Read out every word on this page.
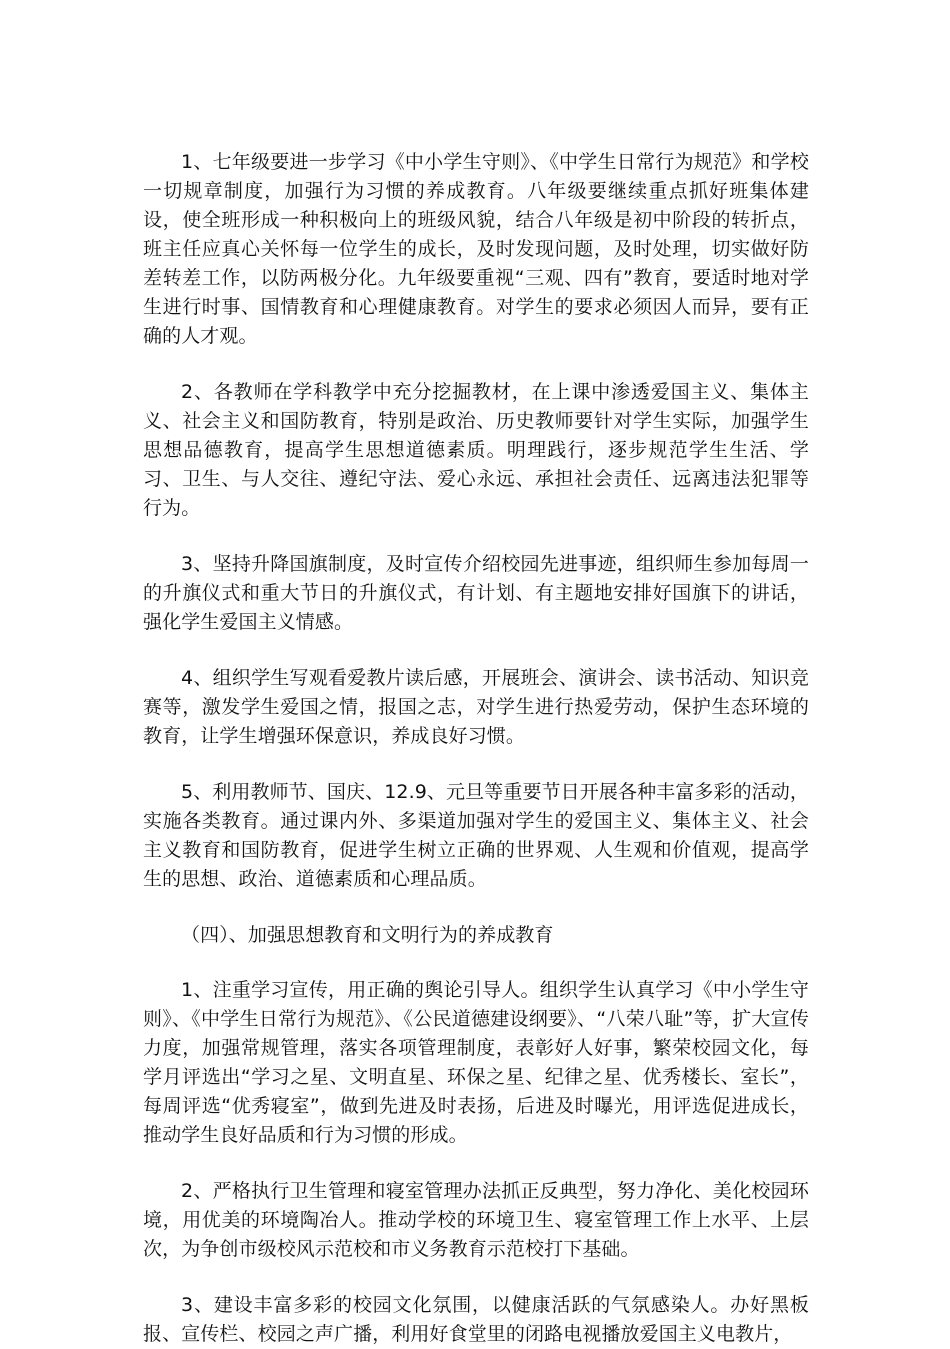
1、七年级要进一步学习《中小学生守则》、《中学生日常行为规范》和学校一切规章制度，加强行为习惯的养成教育。八年级要继续重点抓好班集体建设，使全班形成一种积极向上的班级风貌，结合八年级是初中阶段的转折点，班主任应真心关怀每一位学生的成长，及时发现问题，及时处理，切实做好防差转差工作，以防两极分化。九年级要重视“三观、四有”教育，要适时地对学生进行时事、国情教育和心理健康教育。对学生的要求必须因人而异，要有正确的人才观。

2、各教师在学科教学中充分挖掘教材，在上课中渗透爱国主义、集体主义、社会主义和国防教育，特别是政治、历史教师要针对学生实际，加强学生思想品德教育，提高学生思想道德素质。明理践行，逐步规范学生生活、学习、卫生、与人交往、遵纪守法、爱心永远、承担社会责任、远离违法犯罪等行为。

3、坚持升降国旗制度，及时宣传介绍校园先进事迹，组织师生参加每周一的升旗仪式和重大节日的升旗仪式，有计划、有主题地安排好国旗下的讲话，强化学生爱国主义情感。

4、组织学生写观看爱教片读后感，开展班会、演讲会、读书活动、知识竞赛等，激发学生爱国之情，报国之志，对学生进行热爱劳动，保护生态环境的教育，让学生增强环保意识，养成良好习惯。

5、利用教师节、国庆、12.9、元旦等重要节日开展各种丰富多彩的活动，实施各类教育。通过课内外、多渠道加强对学生的爱国主义、集体主义、社会主义教育和国防教育，促进学生树立正确的世界观、人生观和价值观，提高学生的思想、政治、道德素质和心理品质。

（四）、加强思想教育和文明行为的养成教育

1、注重学习宣传，用正确的舆论引导人。组织学生认真学习《中小学生守则》、《中学生日常行为规范》、《公民道德建设纲要》、“八荣八耻”等，扩大宣传力度，加强常规管理，落实各项管理制度，表彰好人好事，繁荣校园文化，每学月评选出“学习之星、文明直星、环保之星、纪律之星、优秀楼长、室长”，每周评选“优秀寝室”，做到先进及时表扬，后进及时曝光，用评选促进成长，推动学生良好品质和行为习惯的形成。

2、严格执行卫生管理和寝室管理办法抓正反典型，努力净化、美化校园环境，用优美的环境陶冶人。推动学校的环境卫生、寝室管理工作上水平、上层次，为争创市级校风示范校和市义务教育示范校打下基础。

3、建设丰富多彩的校园文化氛围，以健康活跃的气氛感染人。办好黑板报、宣传栏、校园之声广播，利用好食堂里的闭路电视播放爱国主义电教片，
